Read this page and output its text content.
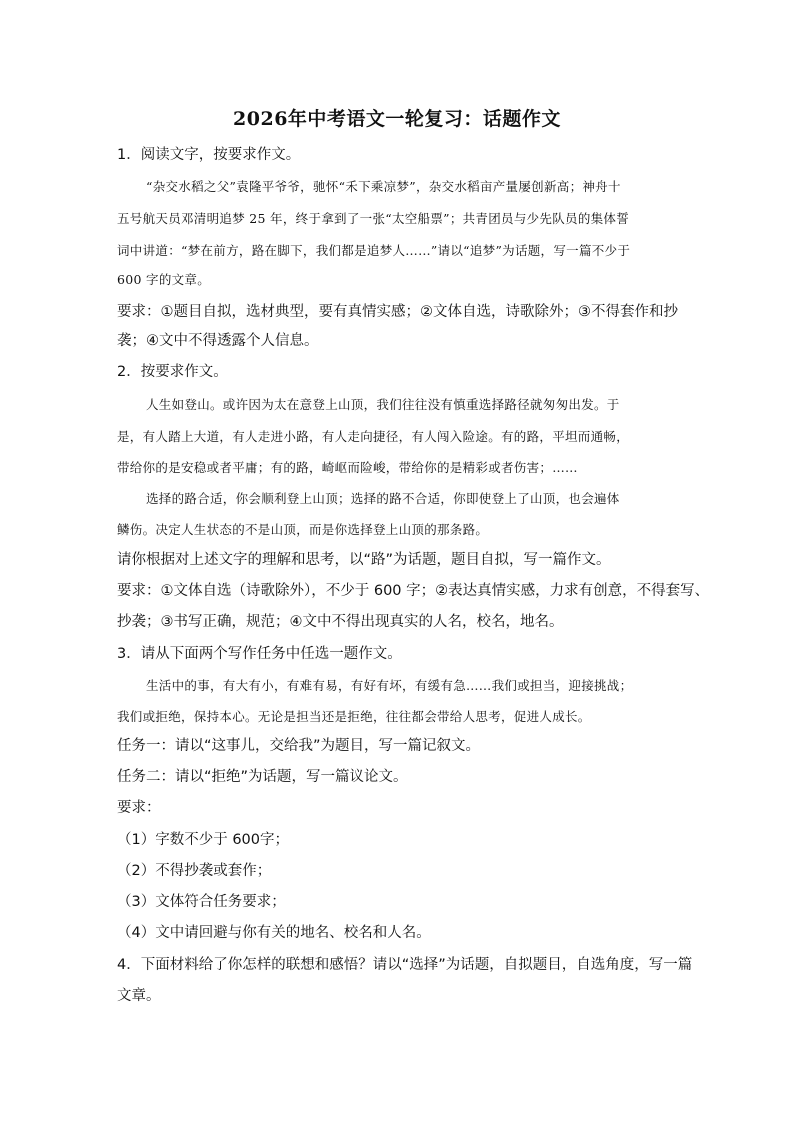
2026年中考语文一轮复习：话题作文
1．阅读文字，按要求作文。
“杂交水稻之父”袁隆平爷爷，驰怀“禾下乘凉梦”，杂交水稻亩产量屡创新高；神舟十
五号航天员邓清明追梦 25 年，终于拿到了一张“太空船票”；共青团员与少先队员的集体誓
词中讲道：“梦在前方，路在脚下，我们都是追梦人……”请以“追梦”为话题，写一篇不少于
600 字的文章。
要求：①题目自拟，选材典型，要有真情实感；②文体自选，诗歌除外；③不得套作和抄
袭；④文中不得透露个人信息。
2．按要求作文。
人生如登山。或许因为太在意登上山顶，我们往往没有慎重选择路径就匆匆出发。于
是，有人踏上大道，有人走进小路，有人走向捷径，有人闯入险途。有的路，平坦而通畅，
带给你的是安稳或者平庸；有的路，崎岖而险峻，带给你的是精彩或者伤害；……
选择的路合适，你会顺利登上山顶；选择的路不合适，你即使登上了山顶，也会遍体
鳞伤。决定人生状态的不是山顶，而是你选择登上山顶的那条路。
请你根据对上述文字的理解和思考，以“路”为话题，题目自拟，写一篇作文。
要求：①文体自选（诗歌除外），不少于 600 字；②表达真情实感，力求有创意，不得套写、
抄袭；③书写正确，规范；④文中不得出现真实的人名，校名，地名。
3．请从下面两个写作任务中任选一题作文。
生活中的事，有大有小，有难有易，有好有坏，有缓有急……我们或担当，迎接挑战；
我们或拒绝，保持本心。无论是担当还是拒绝，往往都会带给人思考，促进人成长。
任务一：请以“这事儿，交给我”为题目，写一篇记叙文。
任务二：请以“拒绝”为话题，写一篇议论文。
要求：
（1）字数不少于 600字；
（2）不得抄袭或套作；
（3）文体符合任务要求；
（4）文中请回避与你有关的地名、校名和人名。
4．下面材料给了你怎样的联想和感悟？请以“选择”为话题，自拟题目，自选角度，写一篇
文章。
